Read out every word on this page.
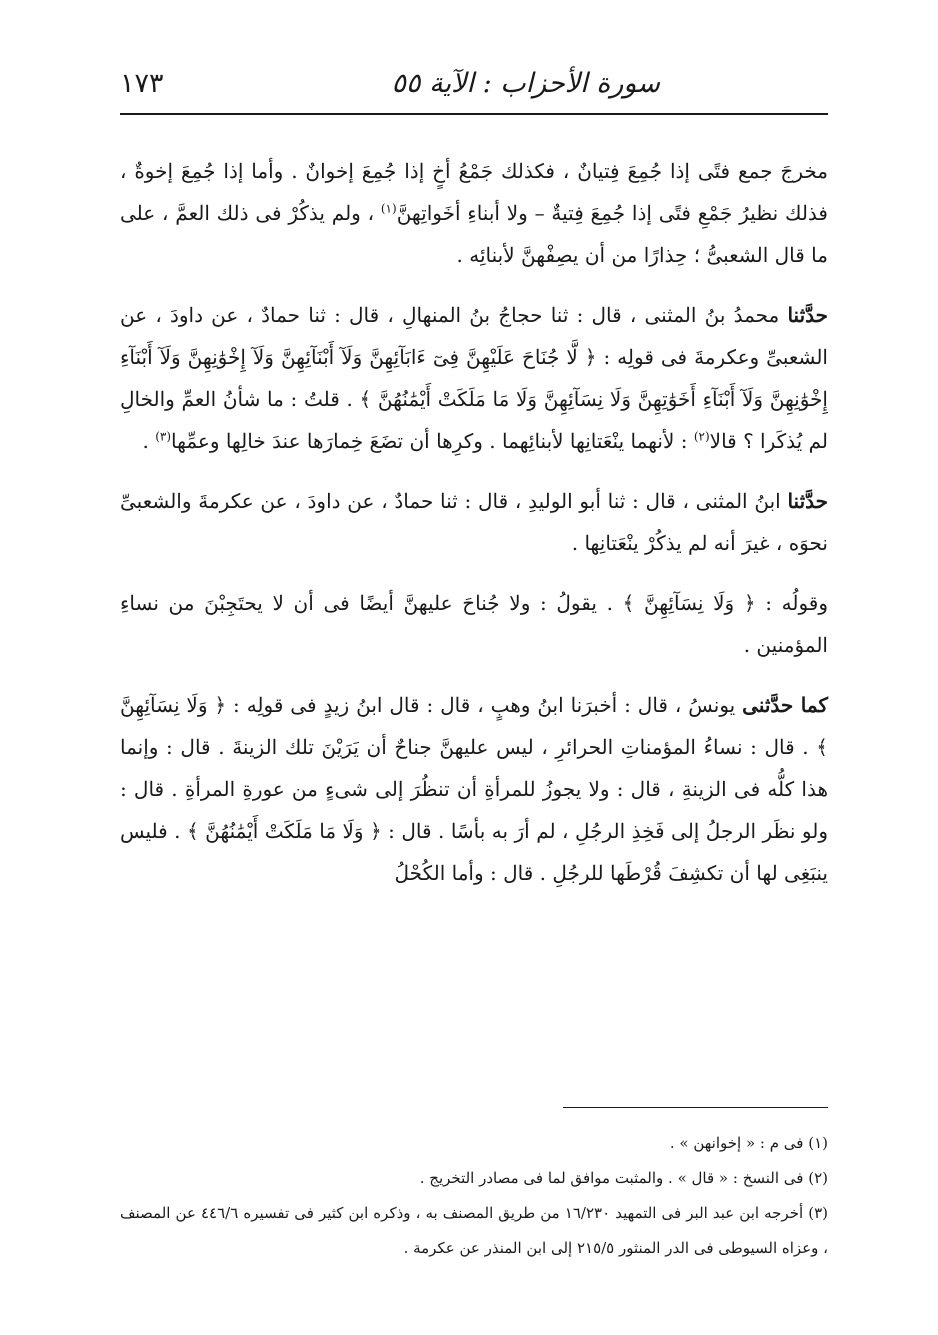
سورة الأحزاب : الآية ٥٥
١٧٣

مخرجَ جمع فتًى إذا جُمِعَ فِتيانٌ ، فكذلك جَمْعُ أخٍ إذا جُمِعَ إخوانٌ . وأما إذا جُمِعَ إخوةٌ ، فذلك نظيرُ جَمْعِ فتًى إذا جُمِعَ فِتيةٌ – ولا أبناءِ أخَواتِهنَّ$^{(١)}$ ، ولم يذكُرْ فى ذلك العمَّ ، على ما قال الشعبىُّ ؛ حِذارًا من أن يصِفْهنَّ لأبنائِه .

حدَّثنا محمدُ بنُ المثنى ، قال : ثنا حجاجُ بنُ المنهالِ ، قال : ثنا حمادٌ ، عن داودَ ، عن الشعبىِّ وعكرمةَ فى قولِه : ﴿ لَّا جُنَاحَ عَلَيْهِنَّ فِىٓ ءَابَآئِهِنَّ وَلَآ أَبْنَآئِهِنَّ وَلَآ إِخْوَٰنِهِنَّ وَلَآ أَبْنَآءِ إِخْوَٰنِهِنَّ وَلَآ أَبْنَآءِ أَخَوَٰتِهِنَّ وَلَا نِسَآئِهِنَّ وَلَا مَا مَلَكَتْ أَيْمَٰنُهُنَّ ﴾ . قلتُ : ما شأنُ العمِّ والخالِ لم يُذكَرا ؟ قالا$^{(٢)}$ : لأنهما ينْعَتانِها لأبنائِهما . وكرِها أن تضَعَ خِمارَها عندَ خالِها وعمِّها$^{(٣)}$ .

حدَّثنا ابنُ المثنى ، قال : ثنا أبو الوليدِ ، قال : ثنا حمادٌ ، عن داودَ ، عن عكرمةَ والشعبىِّ نحوَه ، غيرَ أنه لم يذكُرْ ينْعَتانِها .

وقولُه : ﴿ وَلَا نِسَآئِهِنَّ ﴾ . يقولُ : ولا جُناحَ عليهنَّ أيضًا فى أن لا يحتَجِبْنَ من نساءِ المؤمنين .

كما حدَّثنى يونسُ ، قال : أخبرَنا ابنُ وهبٍ ، قال : قال ابنُ زيدٍ فى قولِه : ﴿ وَلَا نِسَآئِهِنَّ ﴾ . قال : نساءُ المؤمناتِ الحرائرِ ، ليس عليهنَّ جناحٌ أن يَرَيْنَ تلك الزينةَ . قال : وإنما هذا كلُّه فى الزينةِ ، قال : ولا يجوزُ للمرأةِ أن تنظُرَ إلى شىءٍ من عورةِ المرأةِ . قال : ولو نظَر الرجلُ إلى فَخِذِ الرجُلِ ، لم أرَ به بأسًا . قال : ﴿ وَلَا مَا مَلَكَتْ أَيْمَٰنُهُنَّ ﴾ . فليس ينبَغِى لها أن تكشِفَ قُرْطَها للرجُلِ . قال : وأما الكُحْلُ

(١) فى م : « إخوانهن » .

(٢) فى النسخ : « قال » . والمثبت موافق لما فى مصادر التخريج .

(٣) أخرجه ابن عبد البر فى التمهيد ١٦/٢٣٠ من طريق المصنف به ، وذكره ابن كثير فى تفسيره ٤٤٦/٦ عن المصنف ، وعزاه السيوطى فى الدر المنثور ٢١٥/٥ إلى ابن المنذر عن عكرمة .
